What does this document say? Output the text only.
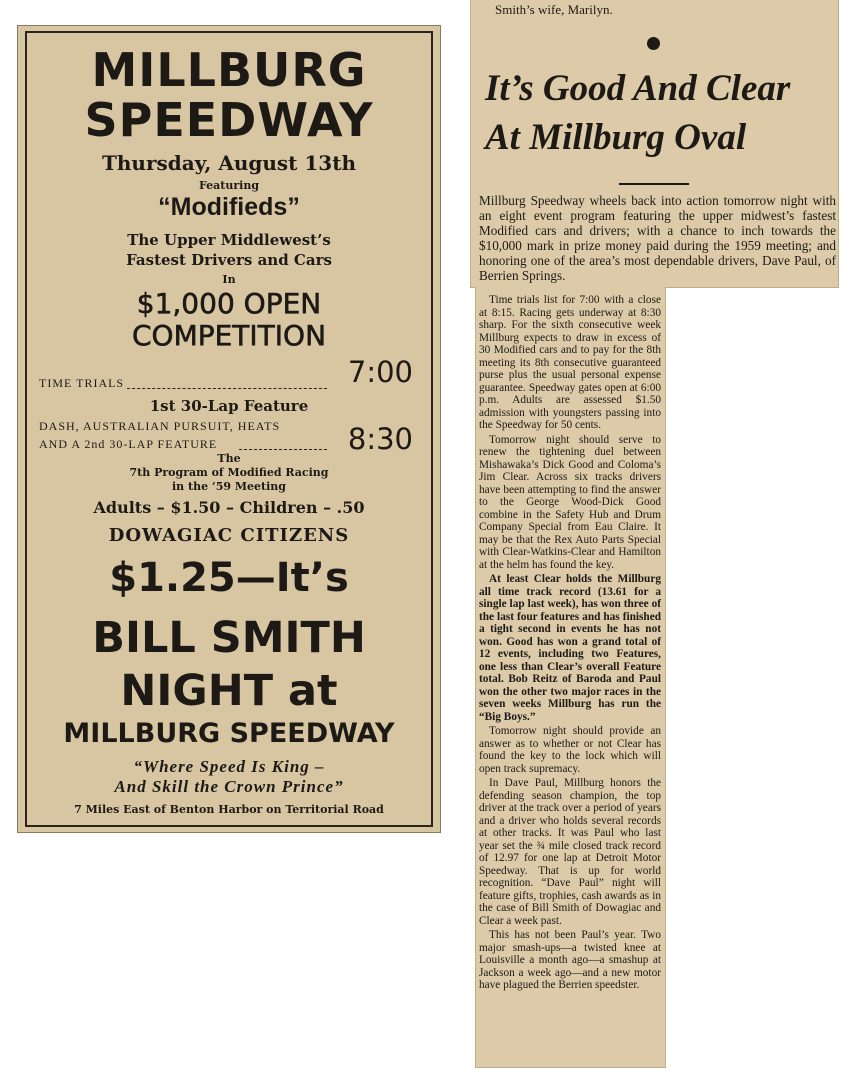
MILLBURG
SPEEDWAY
Thursday, August 13th
Featuring
“Modifieds”
The Upper Middlewest’s
Fastest Drivers and Cars
In
$1,000 OPEN
COMPETITION
TIME TRIALS	7:00
1st 30-Lap Feature
DASH, AUSTRALIAN PURSUIT, HEATS
AND A 2nd 30-LAP FEATURE	8:30
The
7th Program of Modified Racing
in the ’59 Meeting
Adults – $1.50 – Children – .50
DOWAGIAC CITIZENS
$1.25—It’s
BILL SMITH
NIGHT at
MILLBURG SPEEDWAY
“Where Speed Is King –
And Skill the Crown Prince”
7 Miles East of Benton Harbor on Territorial Road
Smith’s wife, Marilyn.
It’s Good And Clear
At Millburg Oval

Millburg Speedway wheels back into action tomorrow night with an eight event program featuring the upper midwest’s fastest Modified cars and drivers; with a chance to inch towards the $10,000 mark in prize money paid during the 1959 meeting; and honoring one of the area’s most dependable drivers, Dave Paul, of Berrien Springs.

Time trials list for 7:00 with a close at 8:15. Racing gets underway at 8:30 sharp. For the sixth consecutive week Millburg expects to draw in excess of 30 Modified cars and to pay for the 8th meeting its 8th consecutive guaranteed purse plus the usual personal expense guarantee. Speedway gates open at 6:00 p.m. Adults are assessed $1.50 admission with youngsters passing into the Speedway for 50 cents.

Tomorrow night should serve to renew the tightening duel between Mishawaka’s Dick Good and Coloma’s Jim Clear. Across six tracks drivers have been attempting to find the answer to the George Wood-Dick Good combine in the Safety Hub and Drum Company Special from Eau Claire. It may be that the Rex Auto Parts Special with Clear-Watkins-Clear and Hamilton at the helm has found the key.

At least Clear holds the Millburg all time track record (13.61 for a single lap last week), has won three of the last four features and has finished a tight second in events he has not won. Good has won a grand total of 12 events, including two Features, one less than Clear’s overall Feature total. Bob Reitz of Baroda and Paul won the other two major races in the seven weeks Millburg has run the “Big Boys.”

Tomorrow night should provide an answer as to whether or not Clear has found the key to the lock which will open track supremacy.

In Dave Paul, Millburg honors the defending season champion, the top driver at the track over a period of years and a driver who holds several records at other tracks. It was Paul who last year set the ¾ mile closed track record of 12.97 for one lap at Detroit Motor Speedway. That is up for world recognition. “Dave Paul” night will feature gifts, trophies, cash awards as in the case of Bill Smith of Dowagiac and Clear a week past.

This has not been Paul’s year. Two major smash-ups—a twisted knee at Louisville a month ago—a smashup at Jackson a week ago—and a new motor have plagued the Berrien speedster.
